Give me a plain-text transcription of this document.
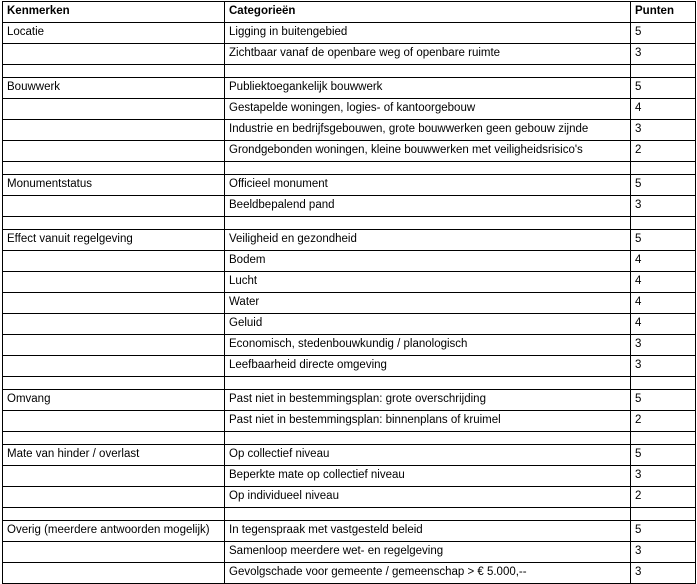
Kenmerken	Categorieën	Punten
Locatie	Ligging in buitengebied	5
	Zichtbaar vanaf de openbare weg of openbare ruimte	3

Bouwwerk	Publiektoegankelijk bouwwerk	5
	Gestapelde woningen, logies- of kantoorgebouw	4
	Industrie en bedrijfsgebouwen, grote bouwwerken geen gebouw zijnde	3
	Grondgebonden woningen, kleine bouwwerken met veiligheidsrisico's	2

Monumentstatus	Officieel monument	5
	Beeldbepalend pand	3

Effect vanuit regelgeving	Veiligheid en gezondheid	5
	Bodem	4
	Lucht	4
	Water	4
	Geluid	4
	Economisch, stedenbouwkundig / planologisch	3
	Leefbaarheid directe omgeving	3

Omvang	Past niet in bestemmingsplan: grote overschrijding	5
	Past niet in bestemmingsplan: binnenplans of kruimel	2

Mate van hinder / overlast	Op collectief niveau	5
	Beperkte mate op collectief niveau	3
	Op individueel niveau	2

Overig (meerdere antwoorden mogelijk)	In tegenspraak met vastgesteld beleid	5
	Samenloop meerdere wet- en regelgeving	3
	Gevolgschade voor gemeente / gemeenschap > € 5.000,--	3
